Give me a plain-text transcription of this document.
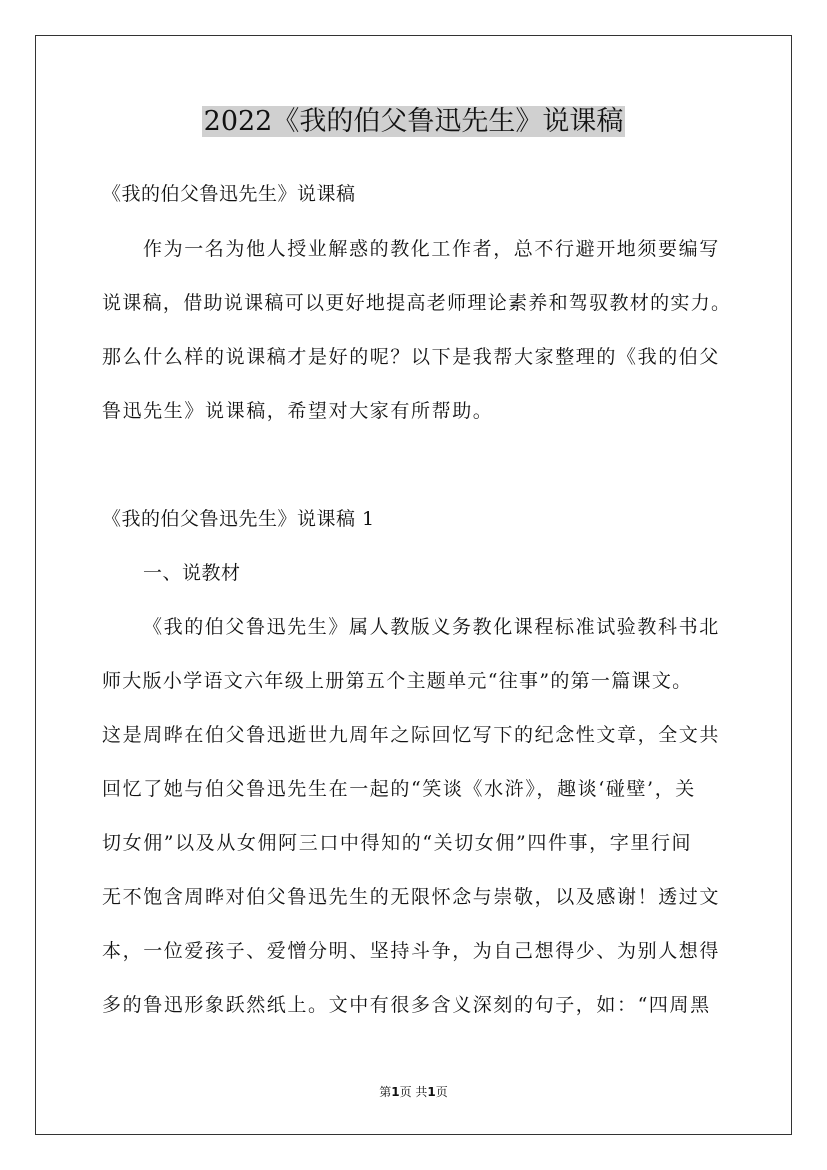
2022《我的伯父鲁迅先生》说课稿

《我的伯父鲁迅先生》说课稿

作为一名为他人授业解惑的教化工作者，总不行避开地须要编写

说课稿，借助说课稿可以更好地提高老师理论素养和驾驭教材的实力。

那么什么样的说课稿才是好的呢？以下是我帮大家整理的《我的伯父

鲁迅先生》说课稿，希望对大家有所帮助。

《我的伯父鲁迅先生》说课稿 1

一、说教材

《我的伯父鲁迅先生》属人教版义务教化课程标准试验教科书北

师大版小学语文六年级上册第五个主题单元“往事”的第一篇课文。

这是周晔在伯父鲁迅逝世九周年之际回忆写下的纪念性文章，全文共

回忆了她与伯父鲁迅先生在一起的“笑谈《水浒》，趣谈‘碰壁’，关

切女佣”以及从女佣阿三口中得知的“关切女佣”四件事，字里行间

无不饱含周晔对伯父鲁迅先生的无限怀念与崇敬，以及感谢！透过文

本，一位爱孩子、爱憎分明、坚持斗争，为自己想得少、为别人想得

多的鲁迅形象跃然纸上。文中有很多含义深刻的句子，如：“四周黑

第1页 共1页
